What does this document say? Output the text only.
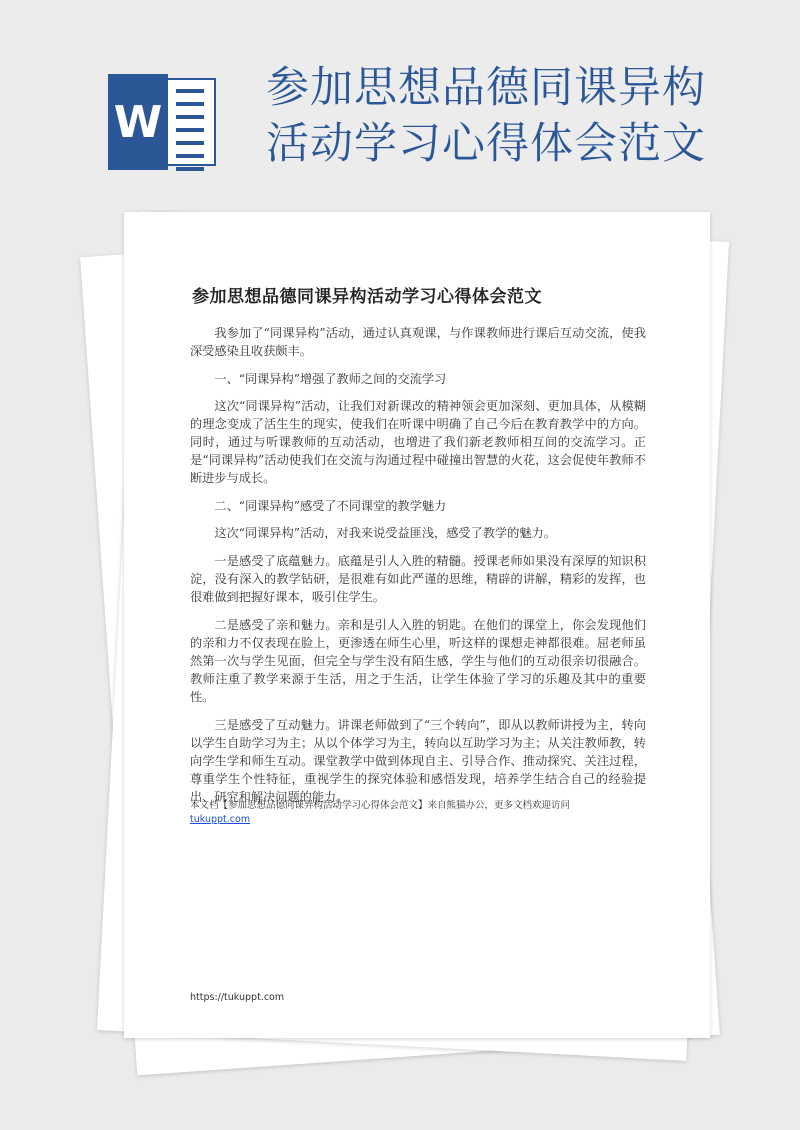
W
参加思想品德同课异构
活动学习心得体会范文
参加思想品德同课异构活动学习心得体会范文

我参加了“同课异构”活动，通过认真观课，与作课教师进行课后互动交流，使我深受感染且收获颇丰。

一、“同课异构”增强了教师之间的交流学习

这次“同课异构”活动，让我们对新课改的精神领会更加深刻、更加具体，从模糊的理念变成了活生生的现实，使我们在听课中明确了自己今后在教育教学中的方向。同时，通过与听课教师的互动活动，也增进了我们新老教师相互间的交流学习。正是“同课异构”活动使我们在交流与沟通过程中碰撞出智慧的火花，这会促使年教师不断进步与成长。

二、“同课异构”感受了不同课堂的教学魅力

这次“同课异构”活动，对我来说受益匪浅，感受了教学的魅力。

一是感受了底蕴魅力。底蕴是引人入胜的精髓。授课老师如果没有深厚的知识积淀，没有深入的教学钻研，是很难有如此严谨的思维，精辟的讲解，精彩的发挥，也很难做到把握好课本，吸引住学生。

二是感受了亲和魅力。亲和是引人入胜的钥匙。在他们的课堂上，你会发现他们的亲和力不仅表现在脸上，更渗透在师生心里，听这样的课想走神都很难。屈老师虽然第一次与学生见面，但完全与学生没有陌生感，学生与他们的互动很亲切很融合。教师注重了教学来源于生活，用之于生活，让学生体验了学习的乐趣及其中的重要性。

三是感受了互动魅力。讲课老师做到了“三个转向”，即从以教师讲授为主，转向以学生自助学习为主；从以个体学习为主，转向以互助学习为主；从关注教师教，转向学生学和师生互动。课堂教学中做到体现自主、引导合作、推动探究、关注过程，尊重学生个性特征，重视学生的探究体验和感悟发现，培养学生结合自己的经验提出、研究和解决问题的能力。

本文档【参加思想品德同课异构活动学习心得体会范文】来自熊猫办公，更多文档欢迎访问
tukuppt.com

https://tukuppt.com
